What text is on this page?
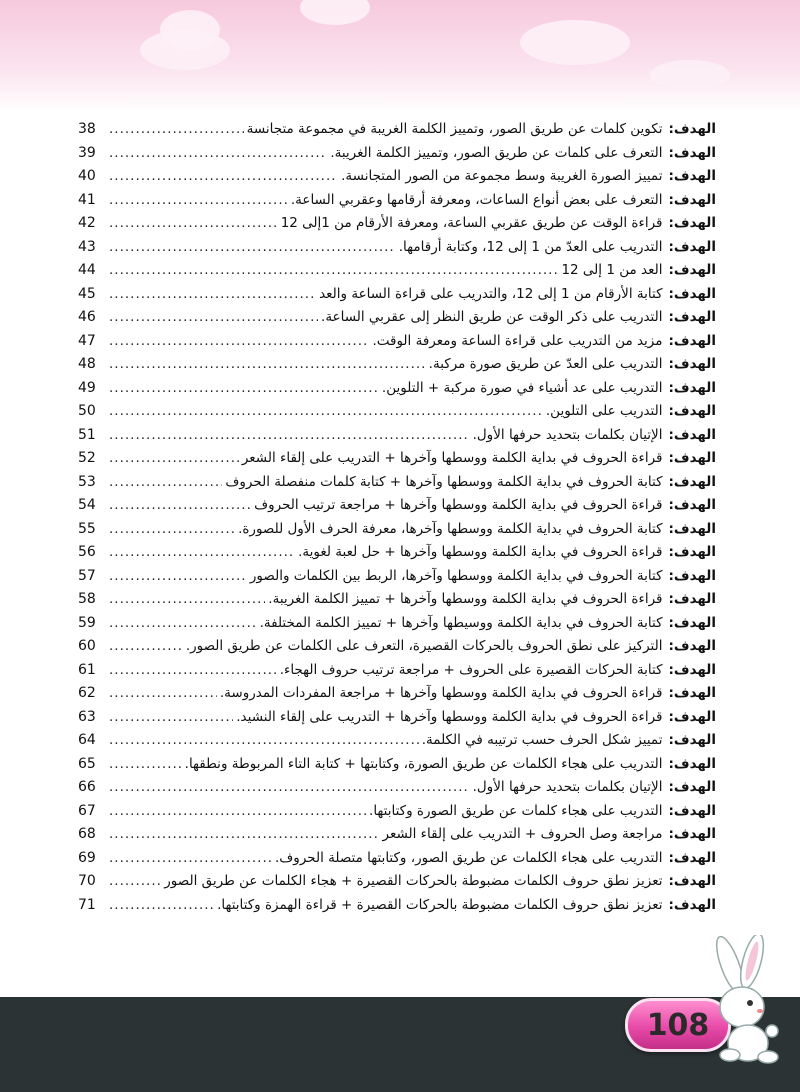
الهدف:
تكوين كلمات عن طريق الصور، وتمييز الكلمة الغريبة في مجموعة متجانسة
.....
38
الهدف:
التعرف على كلمات عن طريق الصور، وتمييز الكلمة الغريبة.
.....
39
الهدف:
تمييز الصورة الغريبة وسط مجموعة من الصور المتجانسة.
.....
40
الهدف:
التعرف على بعض أنواع الساعات، ومعرفة أرقامها وعقربي الساعة.
.....
41
الهدف:
قراءة الوقت عن طريق عقربي الساعة، ومعرفة الأرقام من 1إلى 12
.....
42
الهدف:
التدريب على العدّ من 1 إلى 12، وكتابة أرقامها.
.....
43
الهدف:
العد من 1 إلى 12
.....
44
الهدف:
كتابة الأرقام من 1 إلى 12، والتدريب على قراءة الساعة والعد
.....
45
الهدف:
التدريب على ذكر الوقت عن طريق النظر إلى عقربي الساعة.
.....
46
الهدف:
مزيد من التدريب على قراءة الساعة ومعرفة الوقت.
.....
47
الهدف:
التدريب على العدّ عن طريق صورة مركبة.
.....
48
الهدف:
التدريب على عد أشياء في صورة مركبة + التلوين.
.....
49
الهدف:
التدريب على التلوين.
.....
50
الهدف:
الإتيان بكلمات بتحديد حرفها الأول.
.....
51
الهدف:
قراءة الحروف في بداية الكلمة ووسطها وآخرها + التدريب على إلقاء الشعر
.....
52
الهدف:
كتابة الحروف في بداية الكلمة ووسطها وآخرها + كتابة كلمات منفصلة الحروف
.....
53
الهدف:
قراءة الحروف في بداية الكلمة ووسطها وآخرها + مراجعة ترتيب الحروف
.....
54
الهدف:
كتابة الحروف في بداية الكلمة ووسطها وآخرها، معرفة الحرف الأول للصورة.
.....
55
الهدف:
قراءة الحروف في بداية الكلمة ووسطها وآخرها + حل لعبة لغوية.
.....
56
الهدف:
كتابة الحروف في بداية الكلمة ووسطها وآخرها، الربط بين الكلمات والصور
.....
57
الهدف:
قراءة الحروف في بداية الكلمة ووسطها وآخرها + تمييز الكلمة الغريبة.
.....
58
الهدف:
كتابة الحروف في بداية الكلمة ووسيطها وآخرها + تمييز الكلمة المختلفة.
.....
59
الهدف:
التركيز على نطق الحروف بالحركات القصيرة، التعرف على الكلمات عن طريق الصور.
.....
60
الهدف:
كتابة الحركات القصيرة على الحروف + مراجعة ترتيب حروف الهجاء.
.....
61
الهدف:
قراءة الحروف في بداية الكلمة ووسطها وآخرها + مراجعة المفردات المدروسة.
.....
62
الهدف:
قراءة الحروف في بداية الكلمة ووسطها وآخرها + التدريب على إلقاء النشيد.
.....
63
الهدف:
تمييز شكل الحرف حسب ترتيبه في الكلمة.
.....
64
الهدف:
التدريب على هجاء الكلمات عن طريق الصورة، وكتابتها + كتابة التاء المربوطة ونطقها.
.....
65
الهدف:
الإتيان بكلمات بتحديد حرفها الأول.
.....
66
الهدف:
التدريب على هجاء كلمات عن طريق الصورة وكتابتها.
.....
67
الهدف:
مراجعة وصل الحروف + التدريب على إلقاء الشعر
.....
68
الهدف:
التدريب على هجاء الكلمات عن طريق الصور، وكتابتها متصلة الحروف.
.....
69
الهدف:
تعزيز نطق حروف الكلمات مضبوطة بالحركات القصيرة + هجاء الكلمات عن طريق الصور
.....
70
الهدف:
تعزيز نطق حروف الكلمات مضبوطة بالحركات القصيرة + قراءة الهمزة وكتابتها.
.....
71
108
